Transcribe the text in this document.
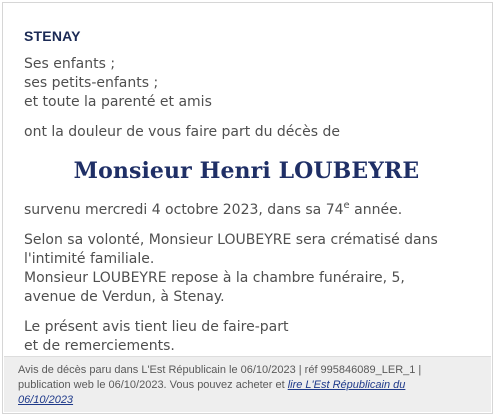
STENAY
Ses enfants ;
ses petits-enfants ;
et toute la parenté et amis
ont la douleur de vous faire part du décès de
Monsieur Henri LOUBEYRE
survenu mercredi 4 octobre 2023, dans sa 74e année.
Selon sa volonté, Monsieur LOUBEYRE sera crématisé dans
l'intimité familiale.
Monsieur LOUBEYRE repose à la chambre funéraire, 5,
avenue de Verdun, à Stenay.
Le présent avis tient lieu de faire-part
et de remerciements.
Avis de décès paru dans L'Est Républicain le 06/10/2023 | réf 995846089_LER_1 |
publication web le 06/10/2023. Vous pouvez acheter et lire L'Est Républicain du
06/10/2023
